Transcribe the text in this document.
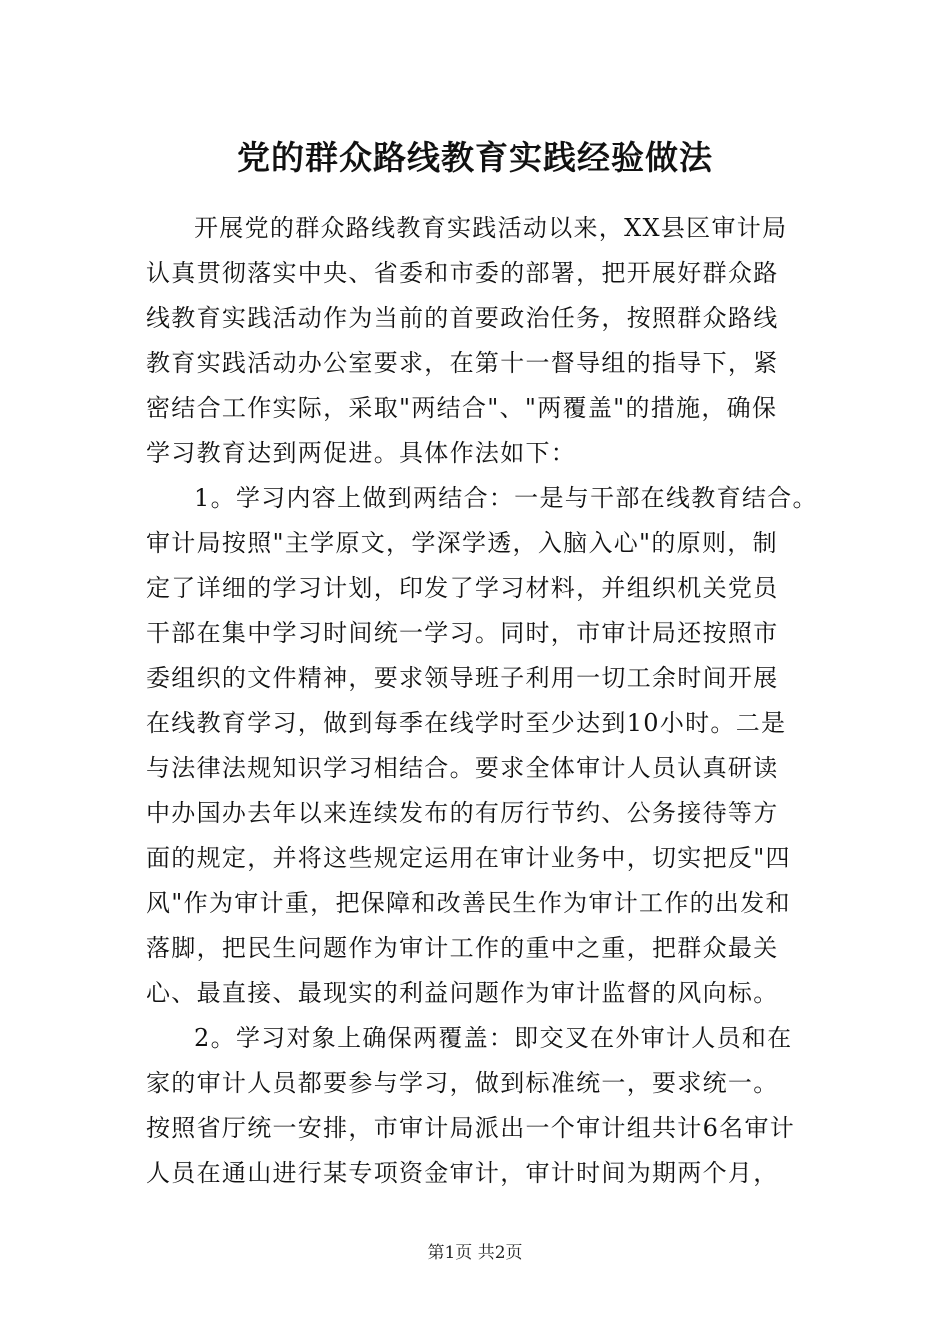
党的群众路线教育实践经验做法

开展党的群众路线教育实践活动以来，XX县区审计局

认真贯彻落实中央、省委和市委的部署，把开展好群众路

线教育实践活动作为当前的首要政治任务，按照群众路线

教育实践活动办公室要求，在第十一督导组的指导下，紧

密结合工作实际，采取"两结合"、"两覆盖"的措施，确保

学习教育达到两促进。具体作法如下：

1。学习内容上做到两结合：一是与干部在线教育结合。

审计局按照"主学原文，学深学透，入脑入心"的原则，制

定了详细的学习计划，印发了学习材料，并组织机关党员

干部在集中学习时间统一学习。同时，市审计局还按照市

委组织的文件精神，要求领导班子利用一切工余时间开展

在线教育学习，做到每季在线学时至少达到10小时。二是

与法律法规知识学习相结合。要求全体审计人员认真研读

中办国办去年以来连续发布的有厉行节约、公务接待等方

面的规定，并将这些规定运用在审计业务中，切实把反"四

风"作为审计重，把保障和改善民生作为审计工作的出发和

落脚，把民生问题作为审计工作的重中之重，把群众最关

心、最直接、最现实的利益问题作为审计监督的风向标。

2。学习对象上确保两覆盖：即交叉在外审计人员和在

家的审计人员都要参与学习，做到标准统一，要求统一。

按照省厅统一安排，市审计局派出一个审计组共计6名审计

人员在通山进行某专项资金审计，审计时间为期两个月，

第1页 共2页
